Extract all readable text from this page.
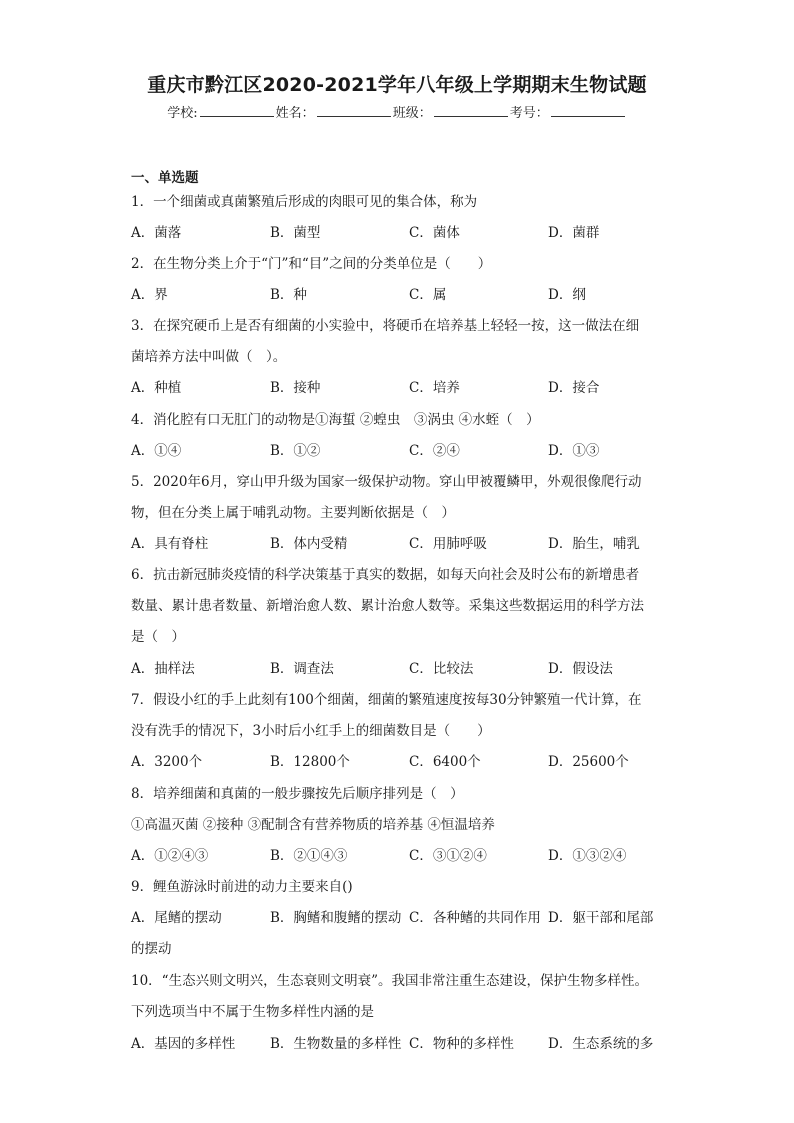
重庆市黔江区2020-2021学年八年级上学期期末生物试题
学校:	姓名：	班级：	考号：
一、单选题
1．一个细菌或真菌繁殖后形成的肉眼可见的集合体，称为
A．菌落	B．菌型	C．菌体	D．菌群
2．在生物分类上介于“门”和“目”之间的分类单位是（　　）
A．界	B．种	C．属	D．纲
3．在探究硬币上是否有细菌的小实验中，将硬币在培养基上轻轻一按，这一做法在细
菌培养方法中叫做（　）。
A．种植	B．接种	C．培养	D．接合
4．消化腔有口无肛门的动物是①海蜇 ②蝗虫　③涡虫 ④水蛭（　）
A．①④	B．①②	C．②④	D．①③
5．2020年6月，穿山甲升级为国家一级保护动物。穿山甲被覆鳞甲，外观很像爬行动
物，但在分类上属于哺乳动物。主要判断依据是（　）
A．具有脊柱	B．体内受精	C．用肺呼吸	D．胎生，哺乳
6．抗击新冠肺炎疫情的科学决策基于真实的数据，如每天向社会及时公布的新增患者
数量、累计患者数量、新增治愈人数、累计治愈人数等。采集这些数据运用的科学方法
是（　）
A．抽样法	B．调查法	C．比较法	D．假设法
7．假设小红的手上此刻有100个细菌，细菌的繁殖速度按每30分钟繁殖一代计算，在
没有洗手的情况下，3小时后小红手上的细菌数目是（　　）
A．3200个	B．12800个	C．6400个	D．25600个
8．培养细菌和真菌的一般步骤按先后顺序排列是（　）
①高温灭菌 ②接种 ③配制含有营养物质的培养基 ④恒温培养
A．①②④③	B．②①④③	C．③①②④	D．①③②④
9．鲤鱼游泳时前进的动力主要来自()
A．尾鳍的摆动	B．胸鳍和腹鳍的摆动 C．各种鳍的共同作用 D．躯干部和尾部
的摆动
10．“生态兴则文明兴，生态衰则文明衰”。我国非常注重生态建设，保护生物多样性。
下列选项当中不属于生物多样性内涵的是
A．基因的多样性	B．生物数量的多样性 C．物种的多样性	D．生态系统的多
